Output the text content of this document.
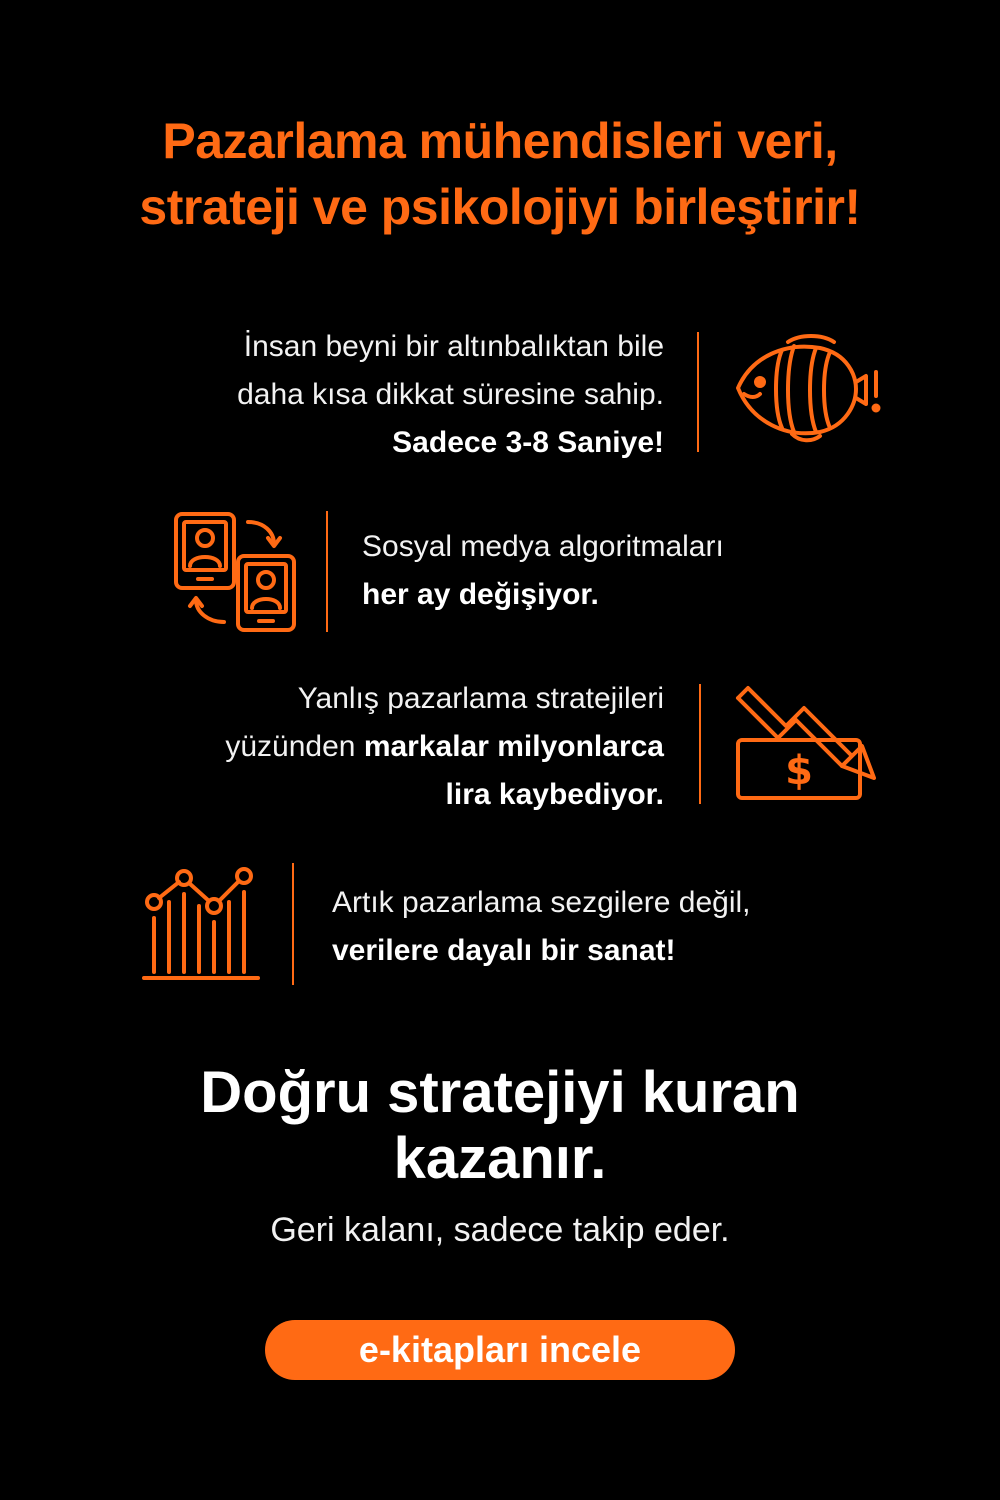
Pazarlama mühendisleri veri,
strateji ve psikolojiyi birleştirir!
İnsan beyni bir altınbalıktan bile
daha kısa dikkat süresine sahip.
Sadece 3-8 Saniye!
Sosyal medya algoritmaları
her ay değişiyor.
Yanlış pazarlama stratejileri
yüzünden markalar milyonlarca
lira kaybediyor.
$
Artık pazarlama sezgilere değil,
verilere dayalı bir sanat!
Doğru stratejiyi kuran
kazanır.
Geri kalanı, sadece takip eder.
e-kitapları incele
